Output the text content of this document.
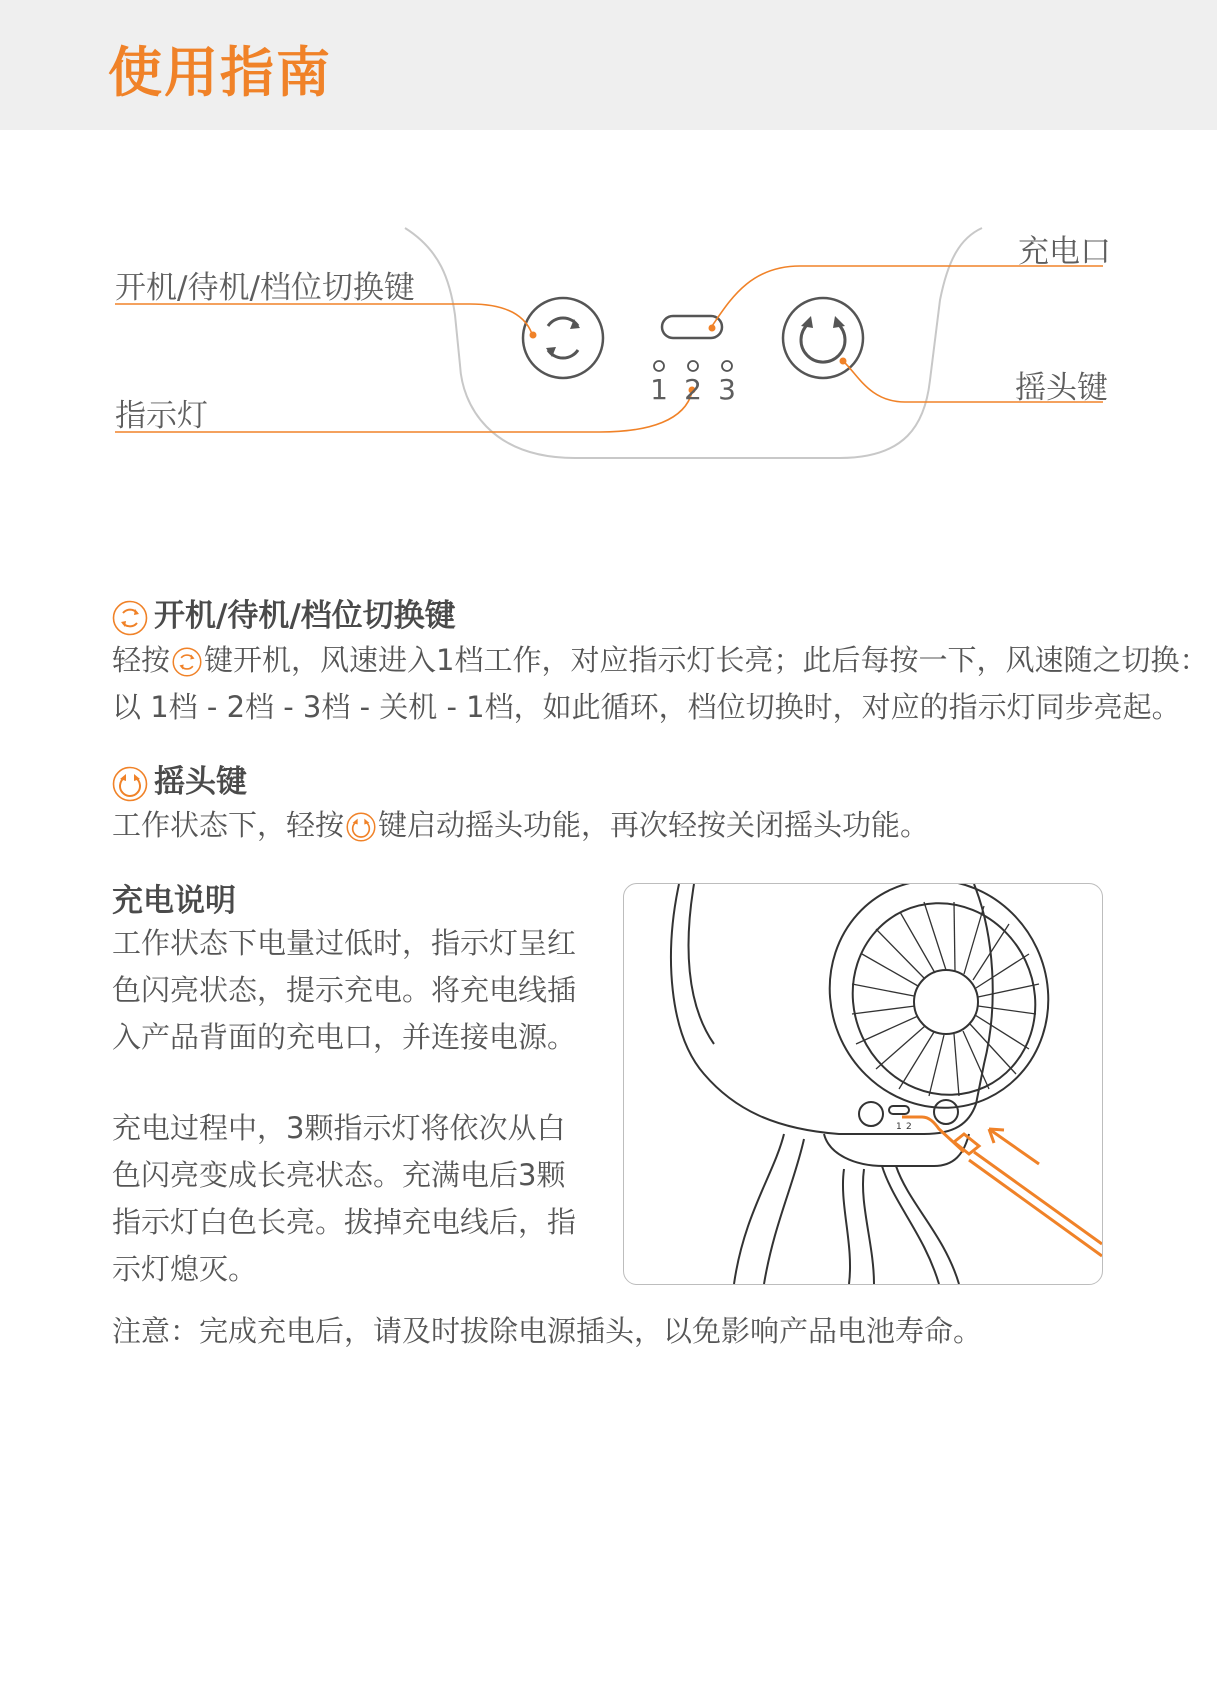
使用指南
1 2 3
开机/待机/档位切换键
指示灯
充电口
摇头键
开机/待机/档位切换键
轻按 键开机，风速进入1档工作，对应指示灯长亮；此后每按一下，风速随之切换：
以 1档 - 2档 - 3档 - 关机 - 1档，如此循环，档位切换时，对应的指示灯同步亮起。
摇头键
工作状态下，轻按 键启动摇头功能，再次轻按关闭摇头功能。
充电说明
工作状态下电量过低时，指示灯呈红
色闪亮状态，提示充电。将充电线插
入产品背面的充电口，并连接电源。
充电过程中，3颗指示灯将依次从白
色闪亮变成长亮状态。充满电后3颗
指示灯白色长亮。拔掉充电线后，指
示灯熄灭。
1 2
注意：完成充电后，请及时拔除电源插头，以免影响产品电池寿命。
